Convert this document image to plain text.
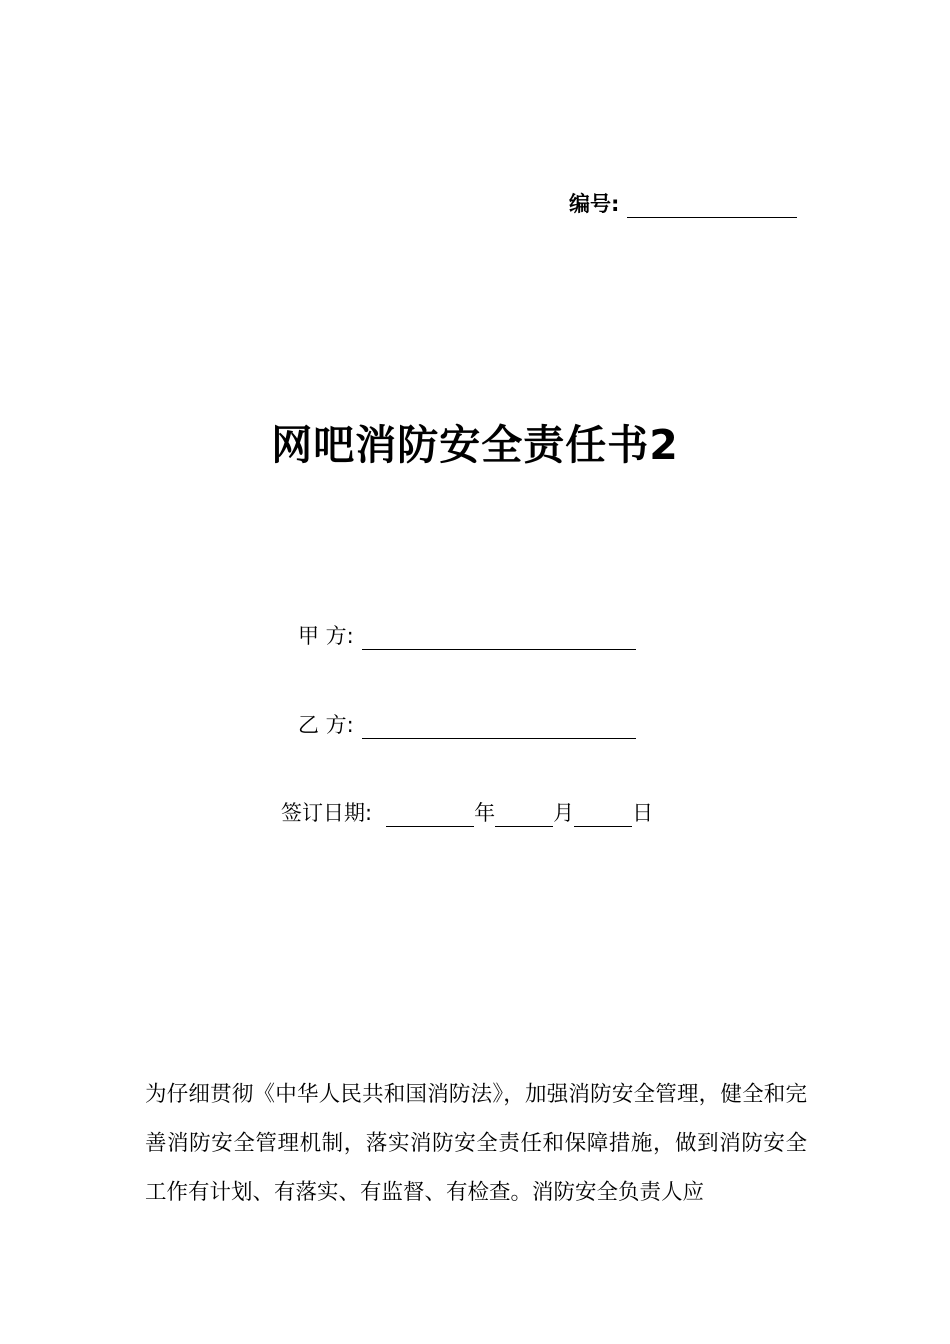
编号:
网吧消防安全责任书2
甲 方:
乙 方:
签订日期:	年	月	日
为仔细贯彻《中华人民共和国消防法》，加强消防安全管理，健全和完善消防安全管理机制，落实消防安全责任和保障措施，做到消防安全工作有计划、有落实、有监督、有检查。消防安全负责人应
